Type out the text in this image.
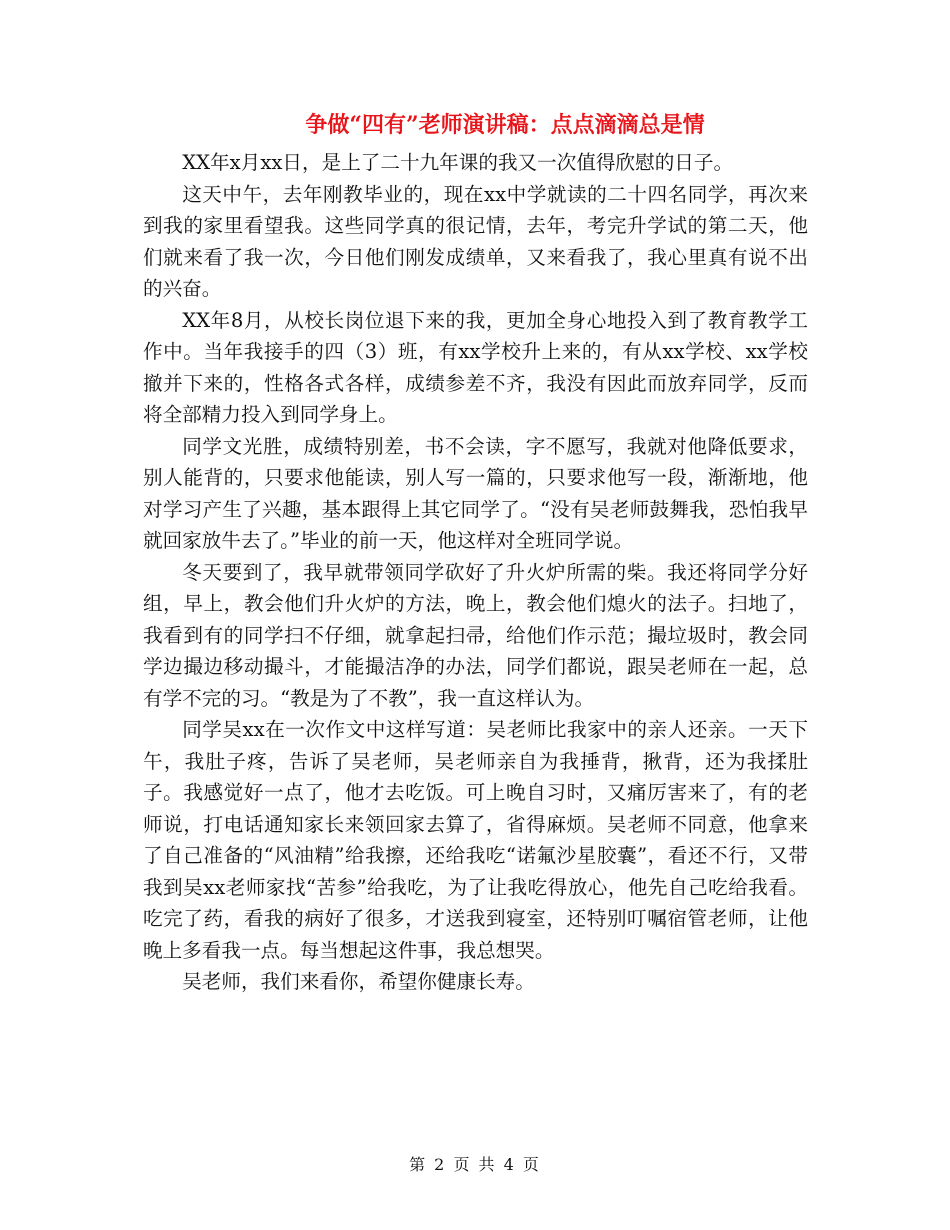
争做“四有”老师演讲稿：点点滴滴总是情

XX年x月xx日，是上了二十九年课的我又一次值得欣慰的日子。

这天中午，去年刚教毕业的，现在xx中学就读的二十四名同学，再次来到我的家里看望我。这些同学真的很记情，去年，考完升学试的第二天，他们就来看了我一次，今日他们刚发成绩单，又来看我了，我心里真有说不出的兴奋。

XX年8月，从校长岗位退下来的我，更加全身心地投入到了教育教学工作中。当年我接手的四（3）班，有xx学校升上来的，有从xx学校、xx学校撤并下来的，性格各式各样，成绩参差不齐，我没有因此而放弃同学，反而将全部精力投入到同学身上。

同学文光胜，成绩特别差，书不会读，字不愿写，我就对他降低要求，别人能背的，只要求他能读，别人写一篇的，只要求他写一段，渐渐地，他对学习产生了兴趣，基本跟得上其它同学了。“没有吴老师鼓舞我，恐怕我早就回家放牛去了。”毕业的前一天，他这样对全班同学说。

冬天要到了，我早就带领同学砍好了升火炉所需的柴。我还将同学分好组，早上，教会他们升火炉的方法，晚上，教会他们熄火的法子。扫地了，我看到有的同学扫不仔细，就拿起扫帚，给他们作示范；撮垃圾时，教会同学边撮边移动撮斗，才能撮洁净的办法，同学们都说，跟吴老师在一起，总有学不完的习。“教是为了不教”，我一直这样认为。

同学吴xx在一次作文中这样写道：吴老师比我家中的亲人还亲。一天下午，我肚子疼，告诉了吴老师，吴老师亲自为我捶背，揪背，还为我揉肚子。我感觉好一点了，他才去吃饭。可上晚自习时，又痛厉害来了，有的老师说，打电话通知家长来领回家去算了，省得麻烦。吴老师不同意，他拿来了自己准备的“风油精”给我擦，还给我吃“诺氟沙星胶囊”，看还不行，又带我到吴xx老师家找“苦参”给我吃，为了让我吃得放心，他先自己吃给我看。吃完了药，看我的病好了很多，才送我到寝室，还特别叮嘱宿管老师，让他晚上多看我一点。每当想起这件事，我总想哭。

吴老师，我们来看你，希望你健康长寿。

第 2 页 共 4 页
